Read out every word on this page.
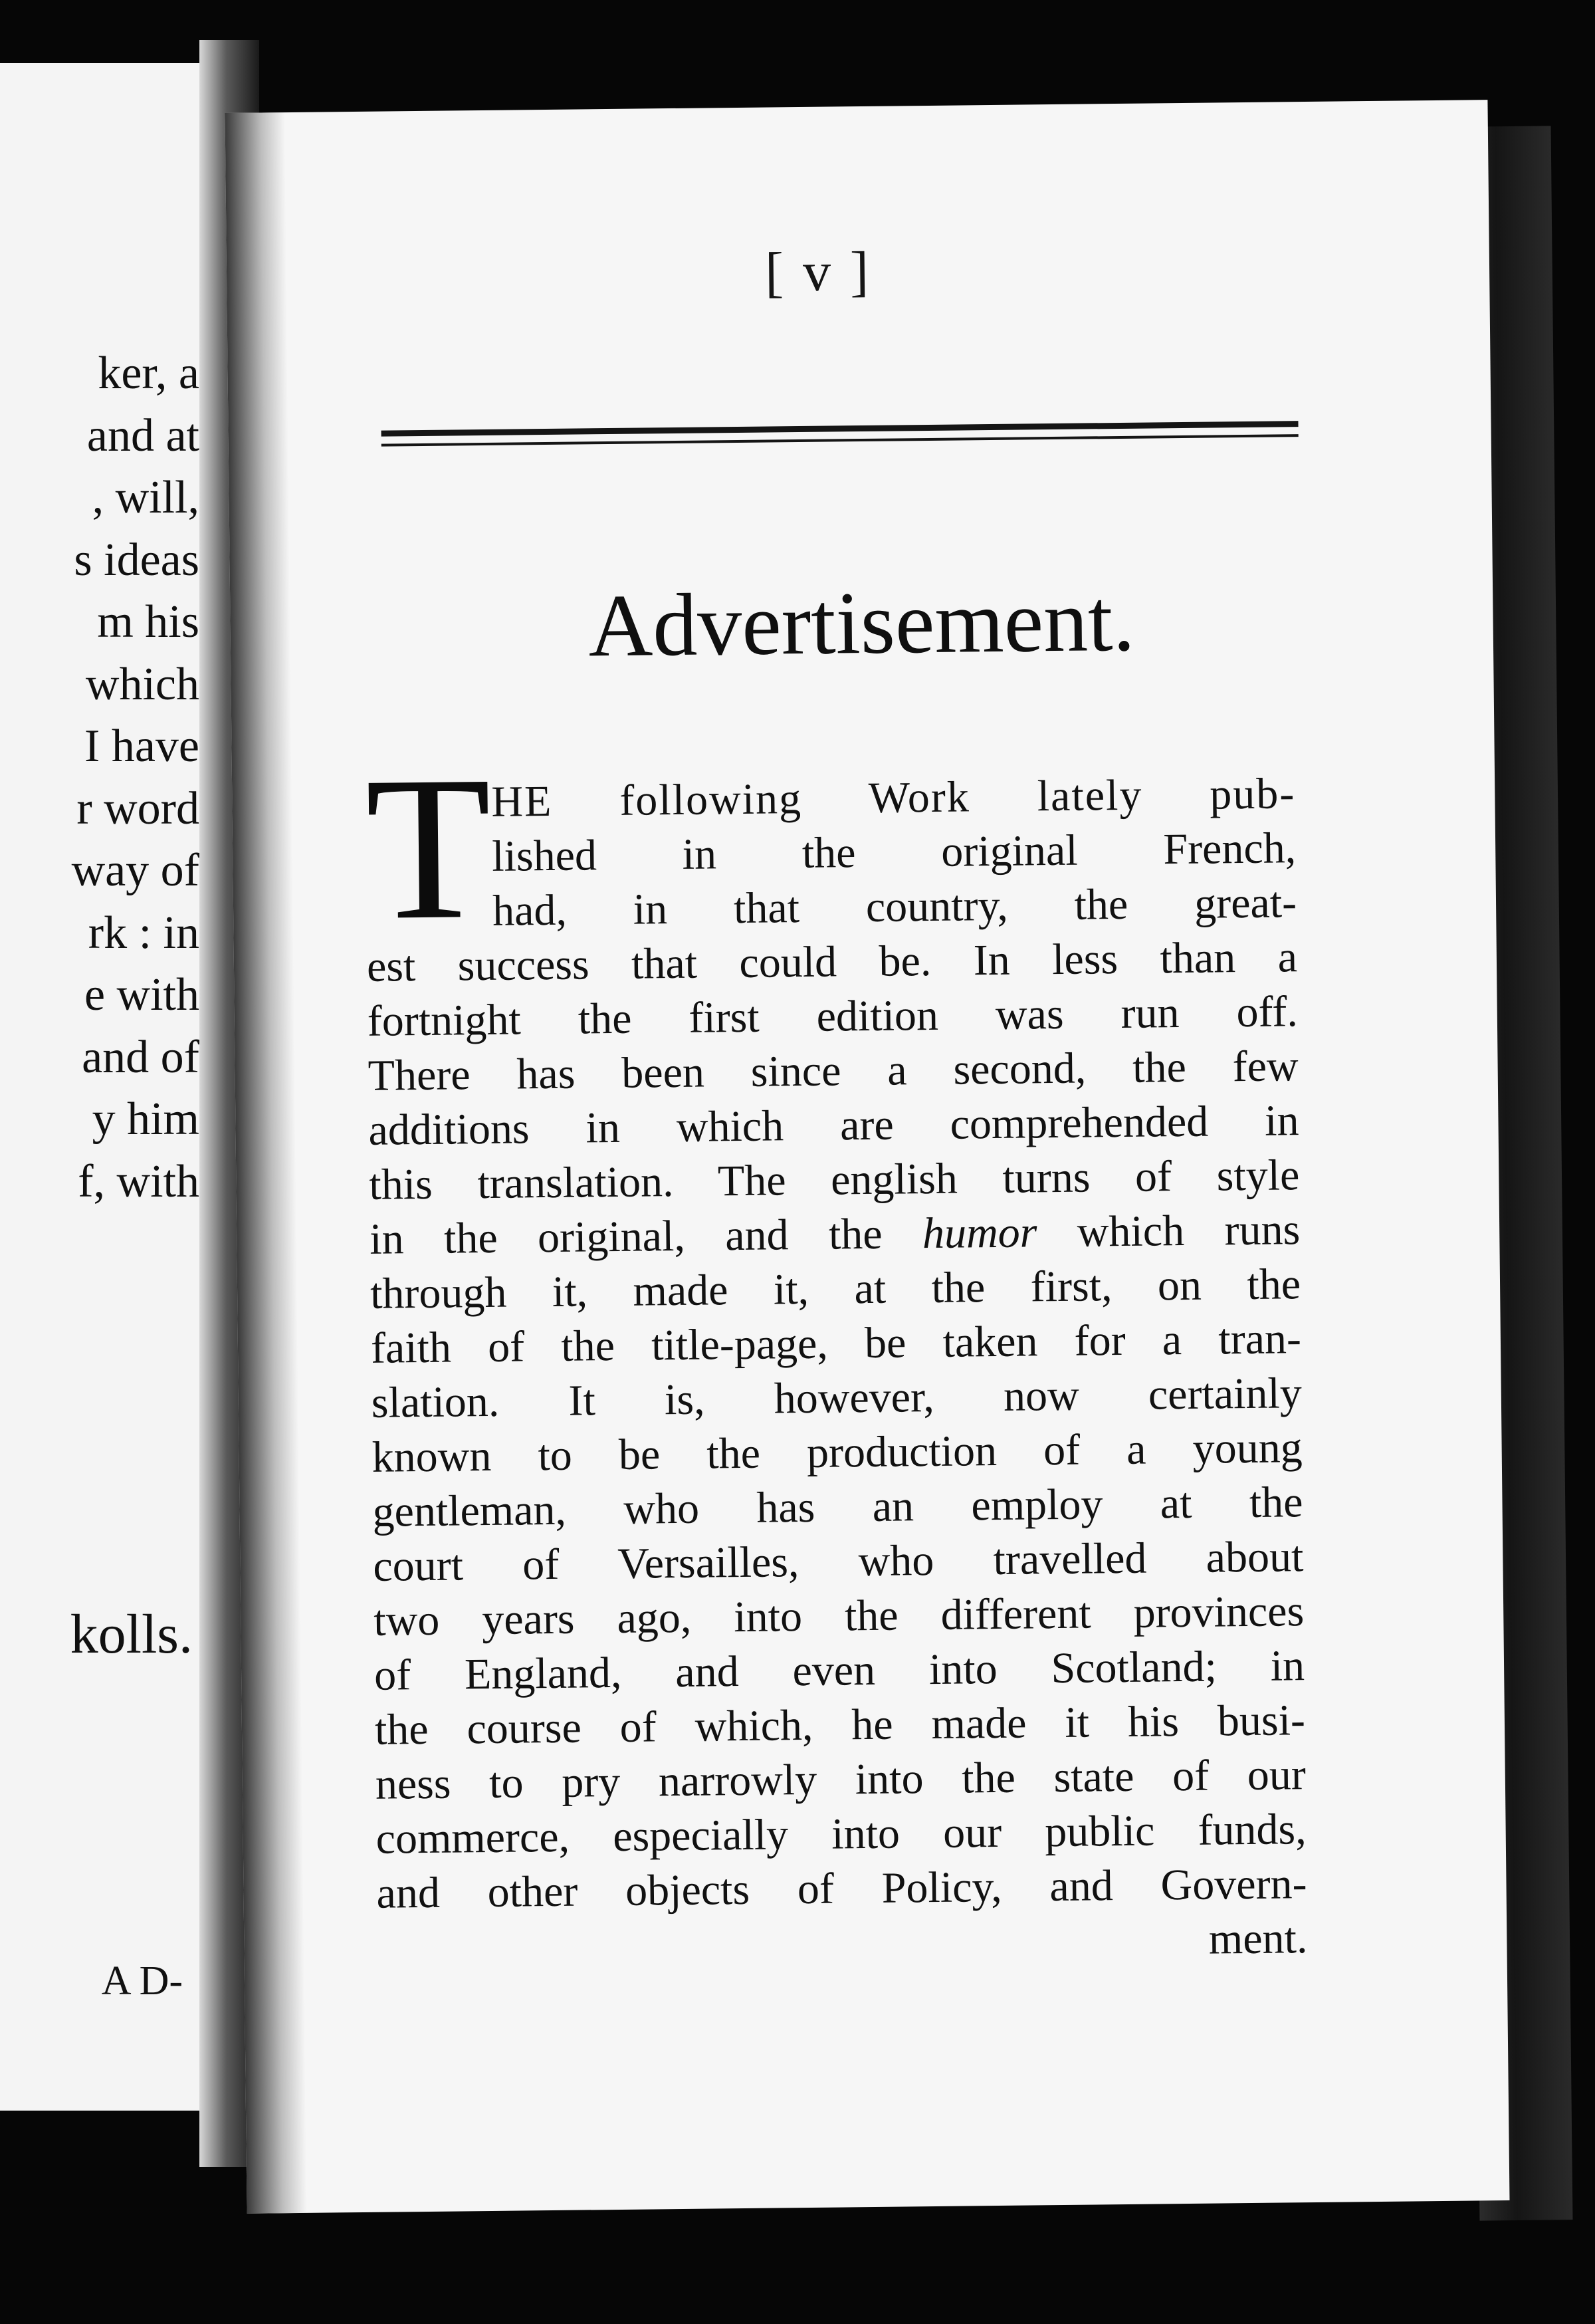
ker, a
and at
, will,
s ideas
m his
which
I have
r word
way of
rk : in
e with
and of
y him
f, with
kolls.
A D-
[ v ]
Advertisement.
T
HE following Work lately pub-
lished in the original French,
had, in that country, the great-
est success that could be. In less than a
fortnight the first edition was run off.
There has been since a second, the few
additions in which are comprehended in
this translation. The english turns of style
in the original, and the humor which runs
through it, made it, at the first, on the
faith of the title-page, be taken for a tran-
slation. It is, however, now certainly
known to be the production of a young
gentleman, who has an employ at the
court of Versailles, who travelled about
two years ago, into the different provinces
of England, and even into Scotland; in
the course of which, he made it his busi-
ness to pry narrowly into the state of our
commerce, especially into our public funds,
and other objects of Policy, and Govern-
ment.
